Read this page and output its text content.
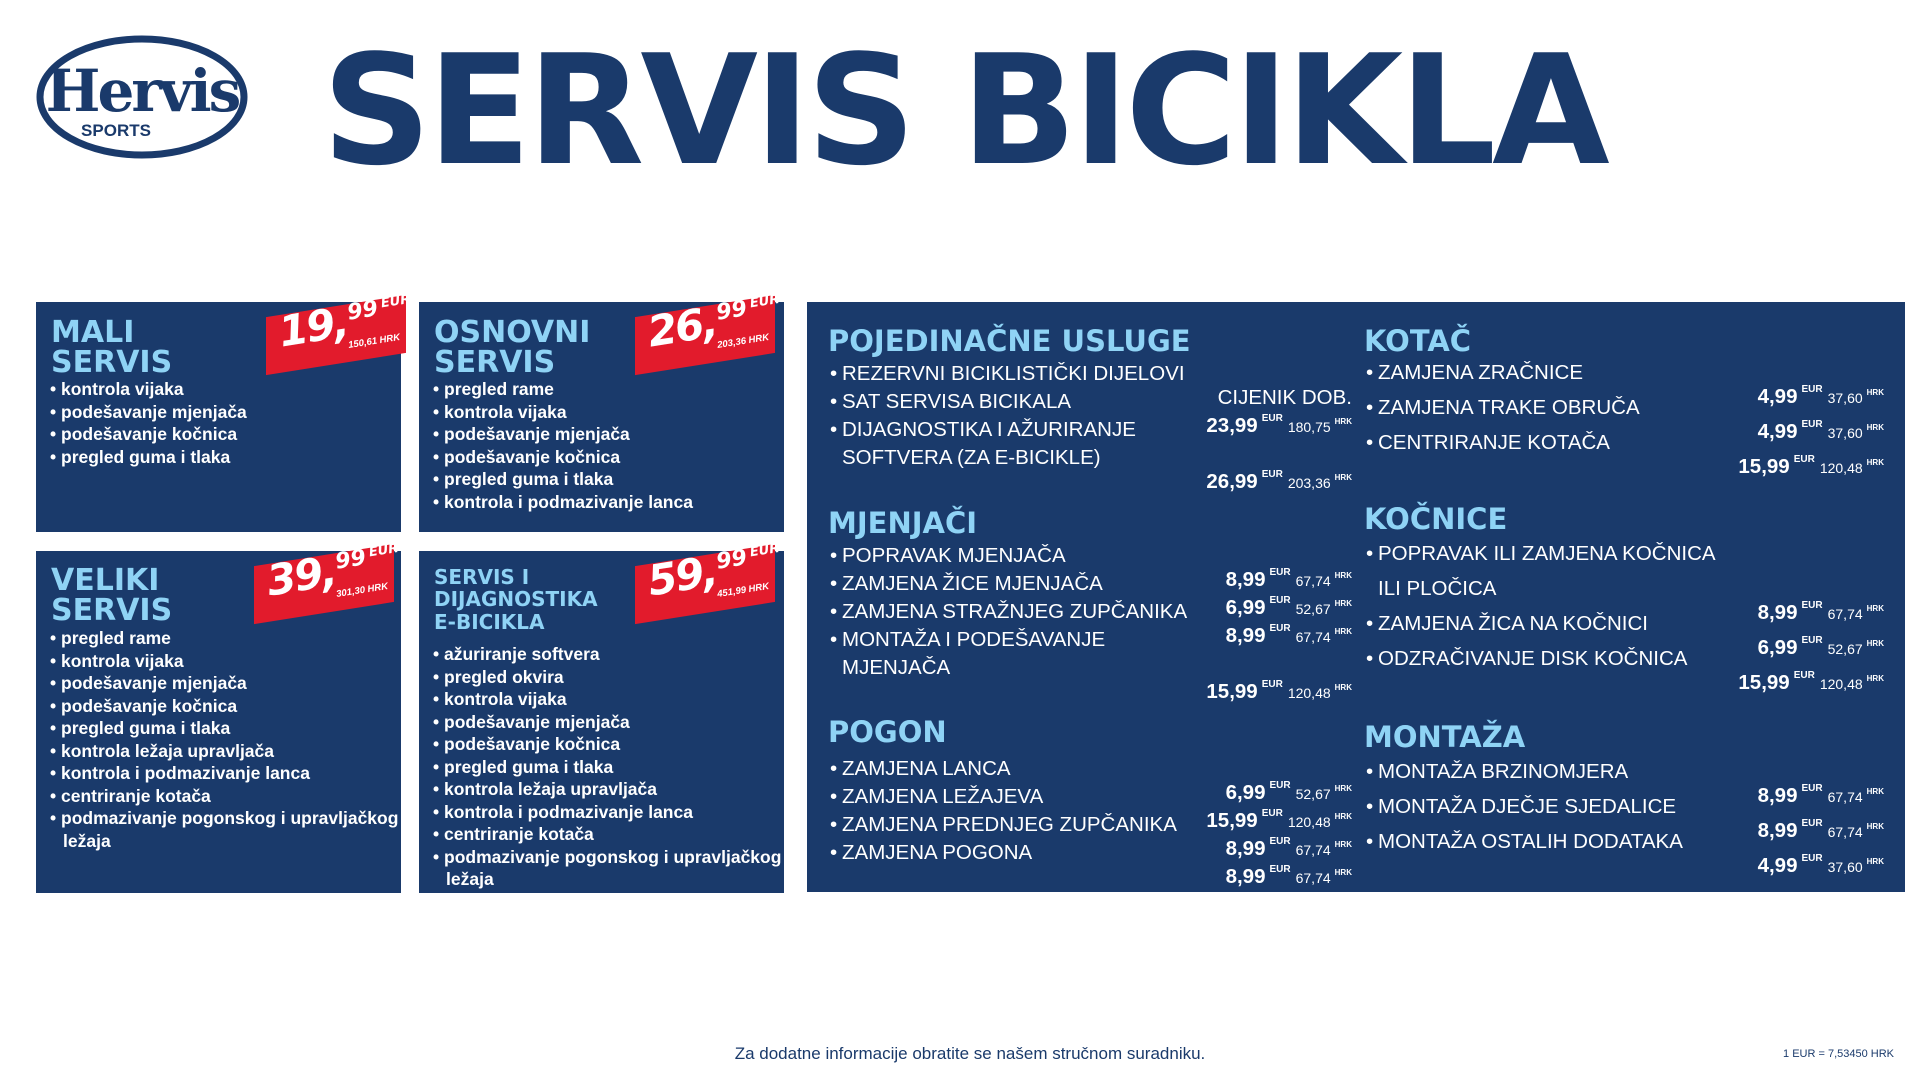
Hervis
SPORTS SERVIS BICIKLA
MALI
SERVIS
19,
99 EUR
150,61 HRK
• kontrola vijaka
• podešavanje mjenjača
• podešavanje kočnica
• pregled guma i tlaka
OSNOVNI
SERVIS
26,
99 EUR
203,36 HRK
• pregled rame
• kontrola vijaka
• podešavanje mjenjača
• podešavanje kočnica
• pregled guma i tlaka
• kontrola i podmazivanje lanca
VELIKI
SERVIS
39,
99 EUR
301,30 HRK
• pregled rame
• kontrola vijaka
• podešavanje mjenjača
• podešavanje kočnica
• pregled guma i tlaka
• kontrola ležaja upravljača
• kontrola i podmazivanje lanca
• centriranje kotača
• podmazivanje pogonskog i upravljačkog ležaja
SERVIS I
DIJAGNOSTIKA
E-BICIKLA
59,
99 EUR
451,99 HRK
• ažuriranje softvera
• pregled okvira
• kontrola vijaka
• podešavanje mjenjača
• podešavanje kočnica
• pregled guma i tlaka
• kontrola ležaja upravljača
• kontrola i podmazivanje lanca
• centriranje kotača
• podmazivanje pogonskog i upravljačkog ležaja
POJEDINAČNE USLUGE
• REZERVNI BICIKLISTIČKI DIJELOVI
CIJENIK DOB.
• SAT SERVISA BICIKALA
23,99 EUR
180,75 HRK
• DIJAGNOSTIKA I AŽURIRANJE
SOFTVERA (ZA E-BICIKLE)
26,99 EUR
203,36 HRK
MJENJAČI
• POPRAVAK MJENJAČA
8,99 EUR
67,74 HRK
• ZAMJENA ŽICE MJENJAČA
6,99 EUR
52,67 HRK
• ZAMJENA STRAŽNJEG ZUPČANIKA
8,99 EUR
67,74 HRK
• MONTAŽA I PODEŠAVANJE
MJENJAČA
15,99 EUR
120,48 HRK
POGON
• ZAMJENA LANCA
6,99 EUR
52,67 HRK
• ZAMJENA LEŽAJEVA
15,99 EUR
120,48 HRK
• ZAMJENA PREDNJEG ZUPČANIKA
8,99 EUR
67,74 HRK
• ZAMJENA POGONA
8,99 EUR
67,74 HRK
KOTAČ
• ZAMJENA ZRAČNICE
4,99 EUR
37,60 HRK
• ZAMJENA TRAKE OBRUČA
4,99 EUR
37,60 HRK
• CENTRIRANJE KOTAČA
15,99 EUR
120,48 HRK
KOČNICE
• POPRAVAK ILI ZAMJENA KOČNICA
ILI PLOČICA
8,99 EUR
67,74 HRK
• ZAMJENA ŽICA NA KOČNICI
6,99 EUR
52,67 HRK
• ODZRAČIVANJE DISK KOČNICA
15,99 EUR
120,48 HRK
MONTAŽA
• MONTAŽA BRZINOMJERA
8,99 EUR
67,74 HRK
• MONTAŽA DJEČJE SJEDALICE
8,99 EUR
67,74 HRK
• MONTAŽA OSTALIH DODATAKA
4,99 EUR
37,60 HRK
Za dodatne informacije obratite se našem stručnom suradniku.	1 EUR = 7,53450 HRK
